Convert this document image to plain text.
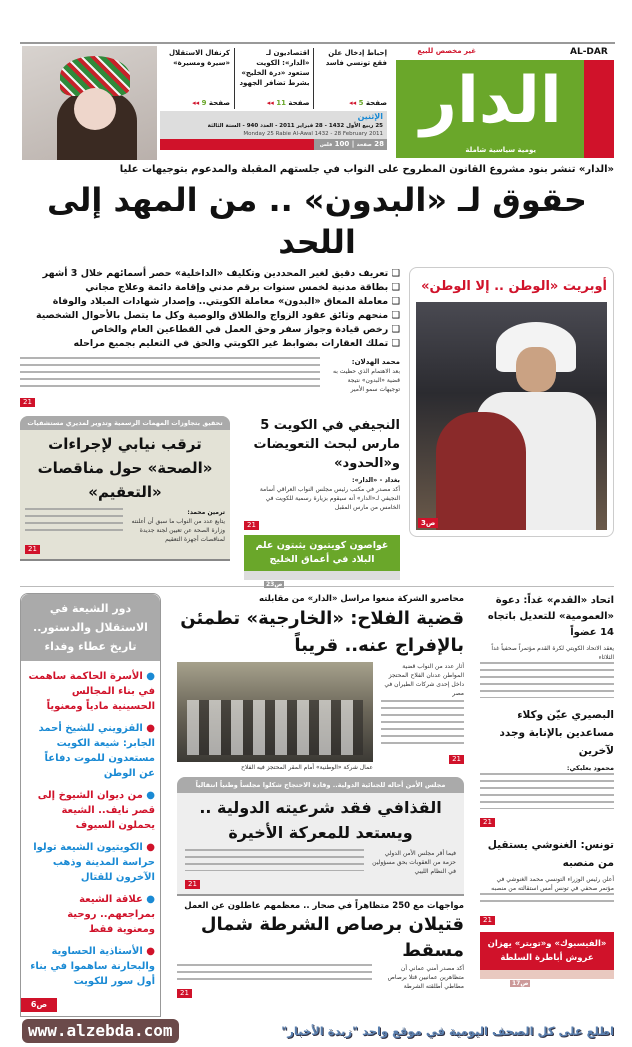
AL-DAR
غير مخصص للبيع
الدار
يومية سياسية شاملة
إحباط إدخال علن فقع تونسي فاسد
صفحة 5 ◂◂
اقتصاديون لـ «الدار»: الكويت ستعود «درة الخليج» بشرط تضافر الجهود
صفحة 11 ◂◂
كرنفال الاستقلال «سيرة ومسيرة»
صفحة 9 ◂◂
الإثنين
25 ربيع الأول 1432 - 28 فبراير 2011 - العدد 940 - السنة الثالثة
Monday 25 Rabie Al-Awal 1432 - 28 February 2011
28 صفحة | 100 فلس
«الدار» تنشر بنود مشروع القانون المطروح على النواب في جلستهم المقبلة والمدعوم بتوجيهات عليا
حقوق لـ «البدون» .. من المهد إلى اللحد
❑ تعريف دقيق لغير المحددين وتكليف «الداخلية» حصر أسمائهم خلال 3 أشهر
❑ بطاقة مدنية لخمس سنوات برقم مدني وإقامة دائمة وعلاج مجاني
❑ معاملة المعاق «البدون» معاملة الكويتي.. وإصدار شهادات الميلاد والوفاة
❑ منحهم وثائق عقود الزواج والطلاق والوصية وكل ما يتصل بالأحوال الشخصية
❑ رخص قيادة وجواز سفر وحق العمل في القطاعين العام والخاص
❑ تملك العقارات بضوابط غير الكويتي والحق في التعليم بجميع مراحله
محمد الهدلان:
بعد الاهتمام الذي حظيت به قضية «البدون» نتيجة توجيهات سمو الأمير
21
تحقيق بتجاوزات المهمات الرسمية وتدوير لمديري مستشفيات
ترقب نيابي لإجراءات «الصحة» حول مناقصات «التعقيم»
ترمين محمد:
يتابع عدد من النواب ما سبق أن أعلنته وزارة الصحة عن تعيين لجنة جديدة لمناقصات أجهزة التعقيم
21
النجيفي في الكويت 5 مارس لبحث التعويضات و«الحدود»
بغداد - «الدار»:
أكد مصدر في مكتب رئيس مجلس النواب العراقي أسامة النجيفي لـ«الدار» أنه سيقوم بزيارة رسمية للكويت في الخامس من مارس المقبل
21
غواصون كويتيون يثبتون علم البلاد في أعماق الخليج
ص23
أوبريت «الوطن .. إلا الوطن»
ص3
دور الشيعة في الاستقلال والدستور.. تاريخ عطاء وفداء
● الأسرة الحاكمة ساهمت في بناء المجالس الحسينية مادياً ومعنوياً
● القزويني للشيخ أحمد الجابر: شيعة الكويت مستعدون للموت دفاعاً عن الوطن
● من ديوان الشيوخ إلى قصر نايف.. الشيعة يحملون السيوف
● الكويتيون الشيعة تولوا حراسة المدينة وذهب الآخرون للقتال
● علاقة الشيعة بمراجعهم.. روحية ومعنوية فقط
● الأستاذية الحساوية والبحارنة ساهموا في بناء أول سور للكويت
ص6
محاصرو الشركة منعوا مراسل «الدار» من مقابلته
قضية الفلاح: «الخارجية» تطمئن بالإفراج عنه.. قريباً
عمال شركة «الوطنية» أمام المقر المحتجز فيه الفلاح
أثار عدد من النواب قضية المواطن عدنان الفلاح المحتجز داخل إحدى شركات الطيران في مصر
21
مجلس الأمن أحاله للجنائية الدولية.. وقادة الاحتجاج شكلوا مجلساً وطنياً انتقالياً
القذافي فقد شرعيته الدولية .. ويستعد للمعركة الأخيرة
فيما أقر مجلس الأمن الدولي حزمة من العقوبات بحق مسؤولين في النظام الليبي
21
مواجهات مع 250 متظاهراً في صحار .. معظمهم عاطلون عن العمل
قتيلان برصاص الشرطة شمال مسقط
أكد مصدر أمني عماني أن متظاهرين عمانيين قتلا برصاص مطاطي أطلقته الشرطة
21
اتحاد «القدم» غداً: دعوة «العمومية» للتعديل باتجاه 14 عضواً
يعقد الاتحاد الكويتي لكرة القدم مؤتمراً صحفياً غداً الثلاثاء
البصيري عيّن وكلاء مساعدين بالإنابة وجدد لآخرين
محمود بعلبكي:
21
تونس: الغنوشي يستقيل من منصبه
أعلن رئيس الوزراء التونسي محمد الغنوشي في مؤتمر صحفي في تونس أمس استقالته من منصبه
21
«الفيسبوك» و«تويتر» يهزان عروش أباطرة السلطة
ص17
www.alzebda.com	اطلع على كل الصحف اليومية في موقع واحد "زبدة الأخبار"
